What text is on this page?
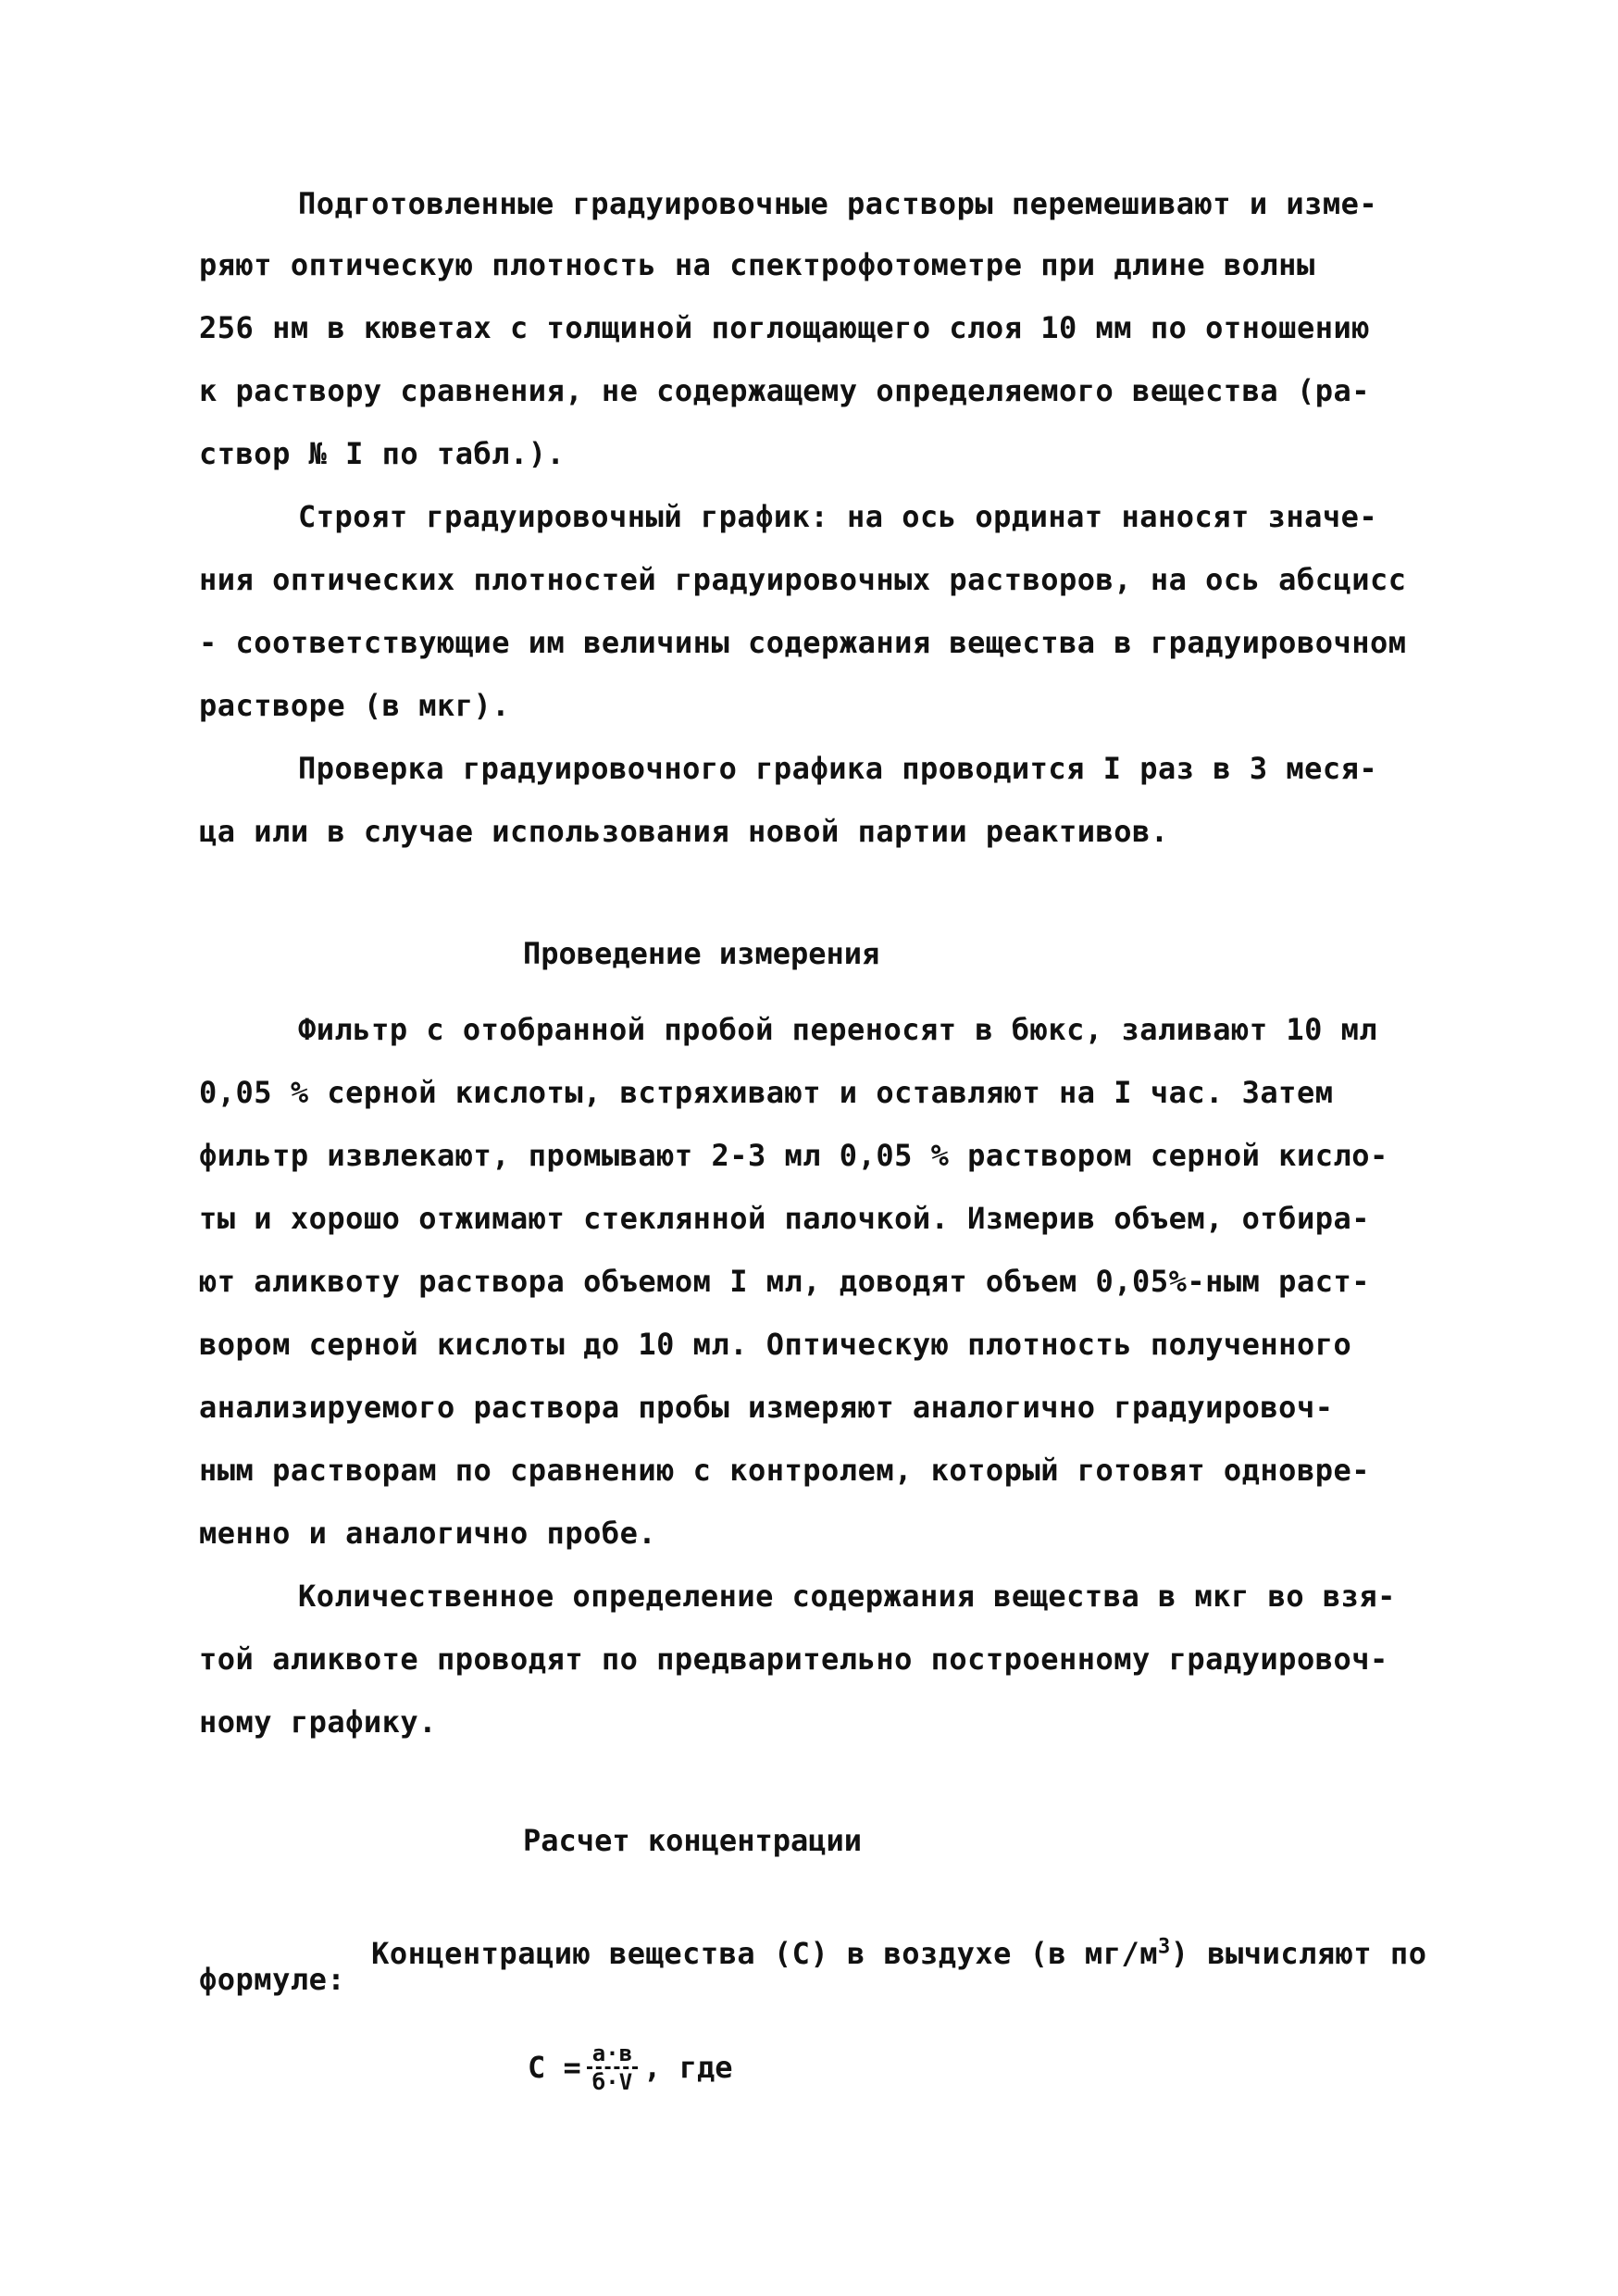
Подготовленные градуировочные растворы перемешивают и изме-
ряют оптическую плотность на спектрофотометре при длине волны
256 нм в кюветах с толщиной поглощающего слоя 10 мм по отношению
к раствору сравнения, не содержащему определяемого вещества (ра-
створ № I по табл.).
Строят градуировочный график: на ось ординат наносят значе-
ния оптических плотностей градуировочных растворов, на ось абсцисс
- соответствующие им величины содержания вещества в градуировочном
растворе (в мкг).
Проверка градуировочного графика проводится I раз в 3 меся-
ца или в случае использования новой партии реактивов.
Проведение измерения
Фильтр с отобранной пробой переносят в бюкс, заливают 10 мл
0,05 % серной кислоты, встряхивают и оставляют на I час. Затем
фильтр извлекают, промывают 2-3 мл 0,05 % раствором серной кисло-
ты и хорошо отжимают стеклянной палочкой. Измерив объем, отбира-
ют аликвоту раствора объемом I мл, доводят объем 0,05%-ным раст-
вором серной кислоты до 10 мл. Оптическую плотность полученного
анализируемого раствора пробы измеряют аналогично градуировоч-
ным растворам по сравнению с контролем, который готовят одновре-
менно и аналогично пробе.
Количественное определение содержания вещества в мкг во взя-
той аликвоте проводят по предварительно построенному градуировоч-
ному графику.
Расчет концентрации

Концентрацию вещества (С) в воздухе (в $мг/м^3$) вычисляют по

формуле:
$С = \frac{а\cdot в}{б\cdot V}$ , где
